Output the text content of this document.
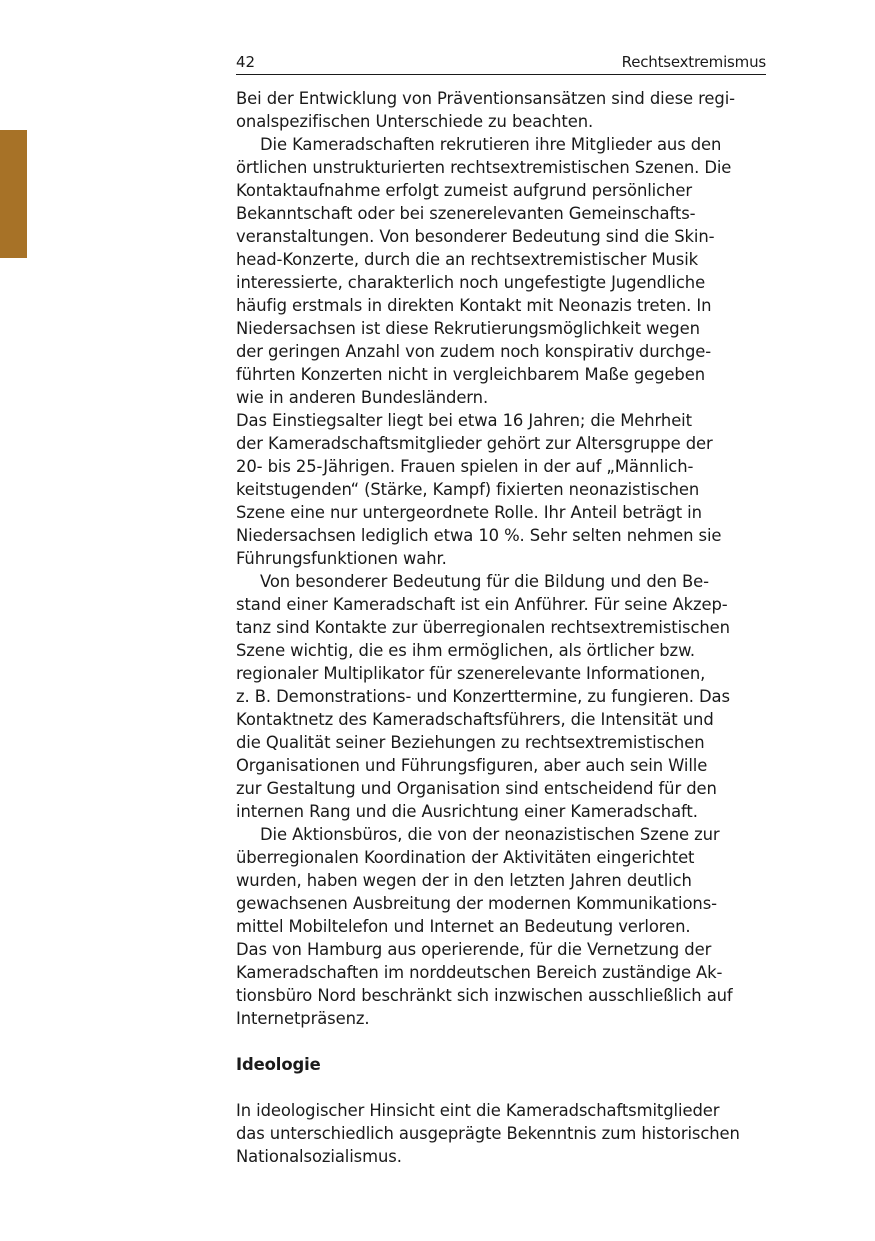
42	Rechtsextremismus
Bei der Entwicklung von Präventionsansätzen sind diese regi-
onalspezifischen Unterschiede zu beachten.
Die Kameradschaften rekrutieren ihre Mitglieder aus den
örtlichen unstrukturierten rechtsextremistischen Szenen. Die
Kontaktaufnahme erfolgt zumeist aufgrund persönlicher
Bekanntschaft oder bei szenerelevanten Gemeinschafts-
veranstaltungen. Von besonderer Bedeutung sind die Skin-
head-Konzerte, durch die an rechtsextremistischer Musik
interessierte, charakterlich noch ungefestigte Jugendliche
häufig erstmals in direkten Kontakt mit Neonazis treten. In
Niedersachsen ist diese Rekrutierungsmöglichkeit wegen
der geringen Anzahl von zudem noch konspirativ durchge-
führten Konzerten nicht in vergleichbarem Maße gegeben
wie in anderen Bundesländern.
Das Einstiegsalter liegt bei etwa 16 Jahren; die Mehrheit
der Kameradschaftsmitglieder gehört zur Altersgruppe der
20- bis 25-Jährigen. Frauen spielen in der auf „Männlich-
keitstugenden“ (Stärke, Kampf) fixierten neonazistischen
Szene eine nur untergeordnete Rolle. Ihr Anteil beträgt in
Niedersachsen lediglich etwa 10 %. Sehr selten nehmen sie
Führungsfunktionen wahr.
Von besonderer Bedeutung für die Bildung und den Be-
stand einer Kameradschaft ist ein Anführer. Für seine Akzep-
tanz sind Kontakte zur überregionalen rechtsextremistischen
Szene wichtig, die es ihm ermöglichen, als örtlicher bzw.
regionaler Multiplikator für szenerelevante Informationen,
z. B. Demonstrations- und Konzerttermine, zu fungieren. Das
Kontaktnetz des Kameradschaftsführers, die Intensität und
die Qualität seiner Beziehungen zu rechtsextremistischen
Organisationen und Führungsfiguren, aber auch sein Wille
zur Gestaltung und Organisation sind entscheidend für den
internen Rang und die Ausrichtung einer Kameradschaft.
Die Aktionsbüros, die von der neonazistischen Szene zur
überregionalen Koordination der Aktivitäten eingerichtet
wurden, haben wegen der in den letzten Jahren deutlich
gewachsenen Ausbreitung der modernen Kommunikations-
mittel Mobiltelefon und Internet an Bedeutung verloren.
Das von Hamburg aus operierende, für die Vernetzung der
Kameradschaften im norddeutschen Bereich zuständige Ak-
tionsbüro Nord beschränkt sich inzwischen ausschließlich auf
Internetpräsenz.
Ideologie
In ideologischer Hinsicht eint die Kameradschaftsmitglieder
das unterschiedlich ausgeprägte Bekenntnis zum historischen
Nationalsozialismus.
